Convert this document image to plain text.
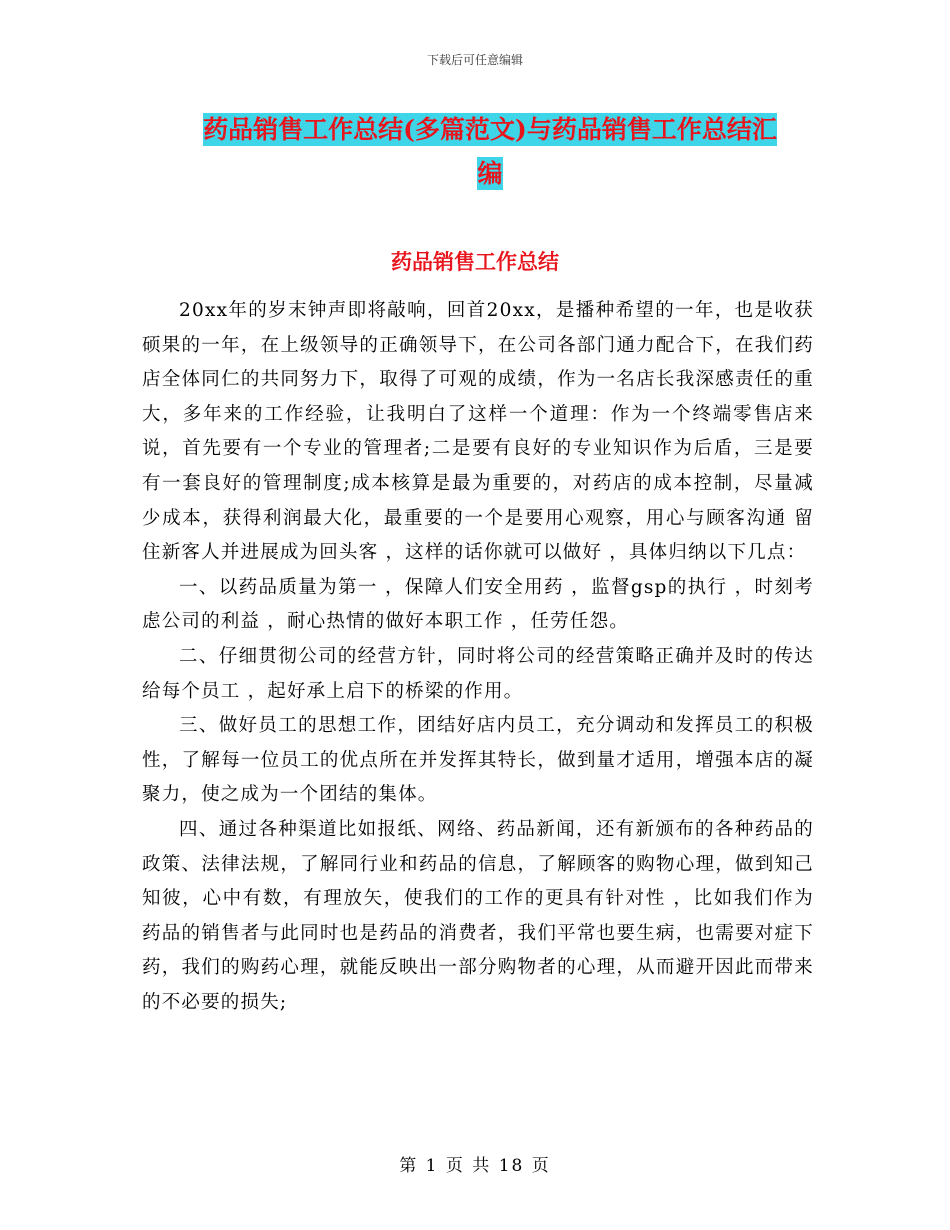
下载后可任意编辑
药品销售工作总结(多篇范文)与药品销售工作总结汇
编
药品销售工作总结

20xx年的岁末钟声即将敲响，回首20xx，是播种希望的一年，也是收获硕果的一年，在上级领导的正确领导下，在公司各部门通力配合下，在我们药店全体同仁的共同努力下，取得了可观的成绩，作为一名店长我深感责任的重大，多年来的工作经验，让我明白了这样一个道理：作为一个终端零售店来说，首先要有一个专业的管理者;二是要有良好的专业知识作为后盾，三是要有一套良好的管理制度;成本核算是最为重要的，对药店的成本控制，尽量减少成本，获得利润最大化，最重要的一个是要用心观察，用心与顾客沟通 留住新客人并进展成为回头客 ，这样的话你就可以做好 ，具体归纳以下几点：

一、以药品质量为第一 ，保障人们安全用药 ，监督gsp的执行 ，时刻考虑公司的利益 ，耐心热情的做好本职工作 ，任劳任怨。

二、仔细贯彻公司的经营方针，同时将公司的经营策略正确并及时的传达给每个员工 ，起好承上启下的桥梁的作用。

三、做好员工的思想工作，团结好店内员工，充分调动和发挥员工的积极性，了解每一位员工的优点所在并发挥其特长，做到量才适用，增强本店的凝聚力，使之成为一个团结的集体。

四、通过各种渠道比如报纸、网络、药品新闻，还有新颁布的各种药品的政策、法律法规，了解同行业和药品的信息，了解顾客的购物心理，做到知己知彼，心中有数，有理放矢，使我们的工作的更具有针对性 ，比如我们作为药品的销售者与此同时也是药品的消费者，我们平常也要生病，也需要对症下药，我们的购药心理，就能反映出一部分购物者的心理，从而避开因此而带来的不必要的损失;

第 1 页 共 18 页
